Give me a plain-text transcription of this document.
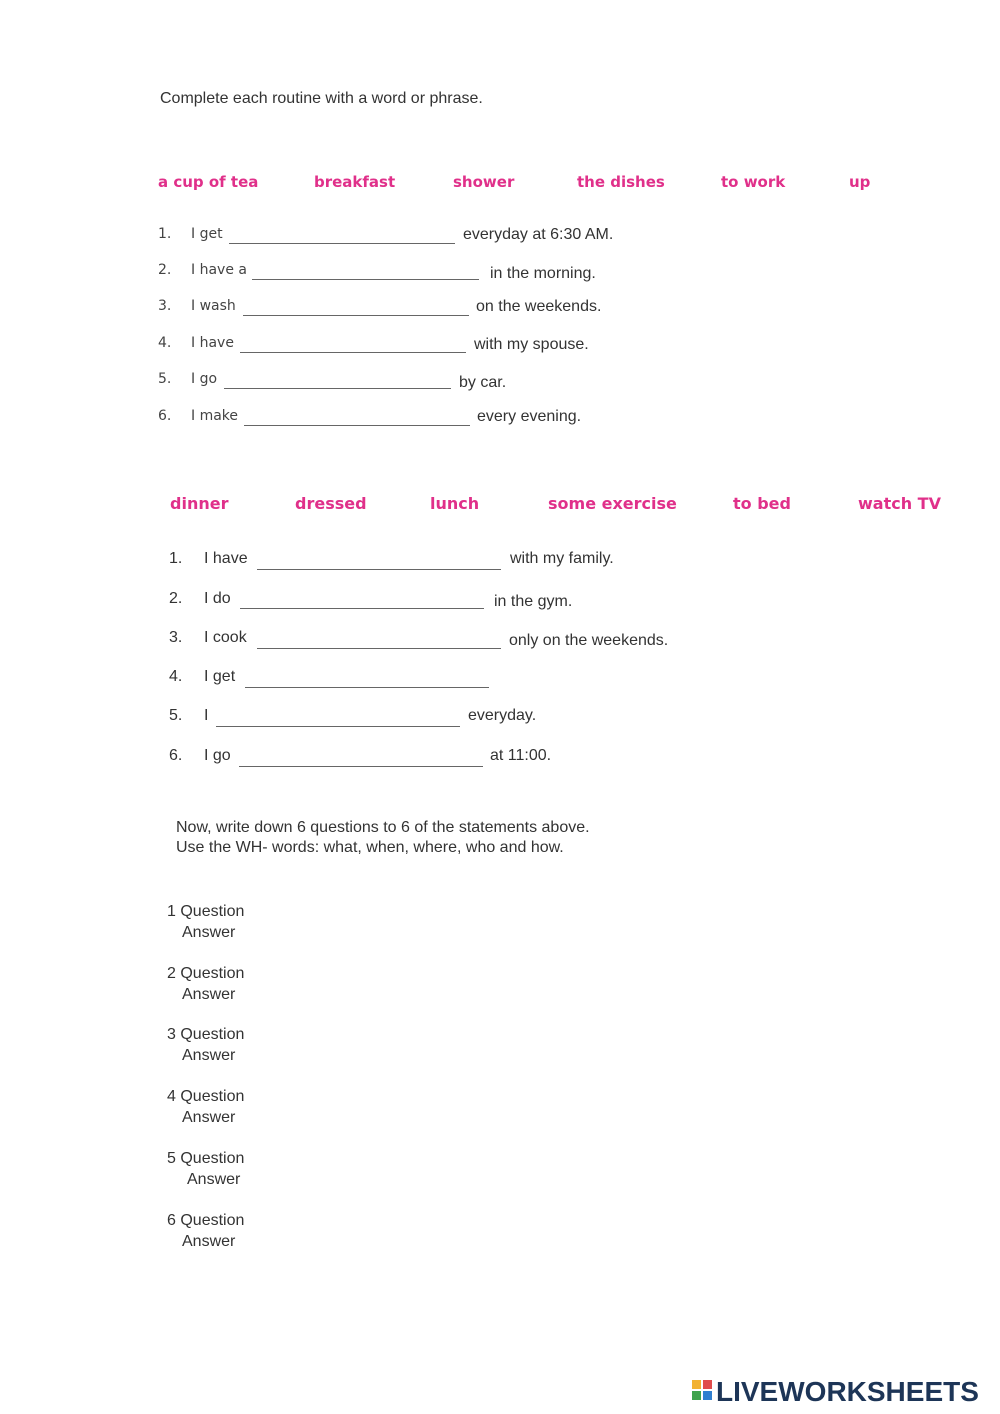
Complete each routine with a word or phrase.
a cup of tea	breakfast	shower	the dishes	to work	up
1. I get	everyday at 6:30 AM.
2. I have a	in the morning.
3. I wash	on the weekends.
4. I have	with my spouse.
5. I go	by car.
6. I make	every evening.
dinner	dressed	lunch	some exercise	to bed	watch TV
1. I have	with my family.
2. I do	in the gym.
3. I cook	only on the weekends.
4. I get
5. I	everyday.
6. I go	at 11:00.
Now, write down 6 questions to 6 of the statements above.
Use the WH- words: what, when, where, who and how.
1 Question
Answer
2 Question
Answer
3 Question
Answer
4 Question
Answer
5 Question
Answer
6 Question
Answer
LIVEWORKSHEETS
